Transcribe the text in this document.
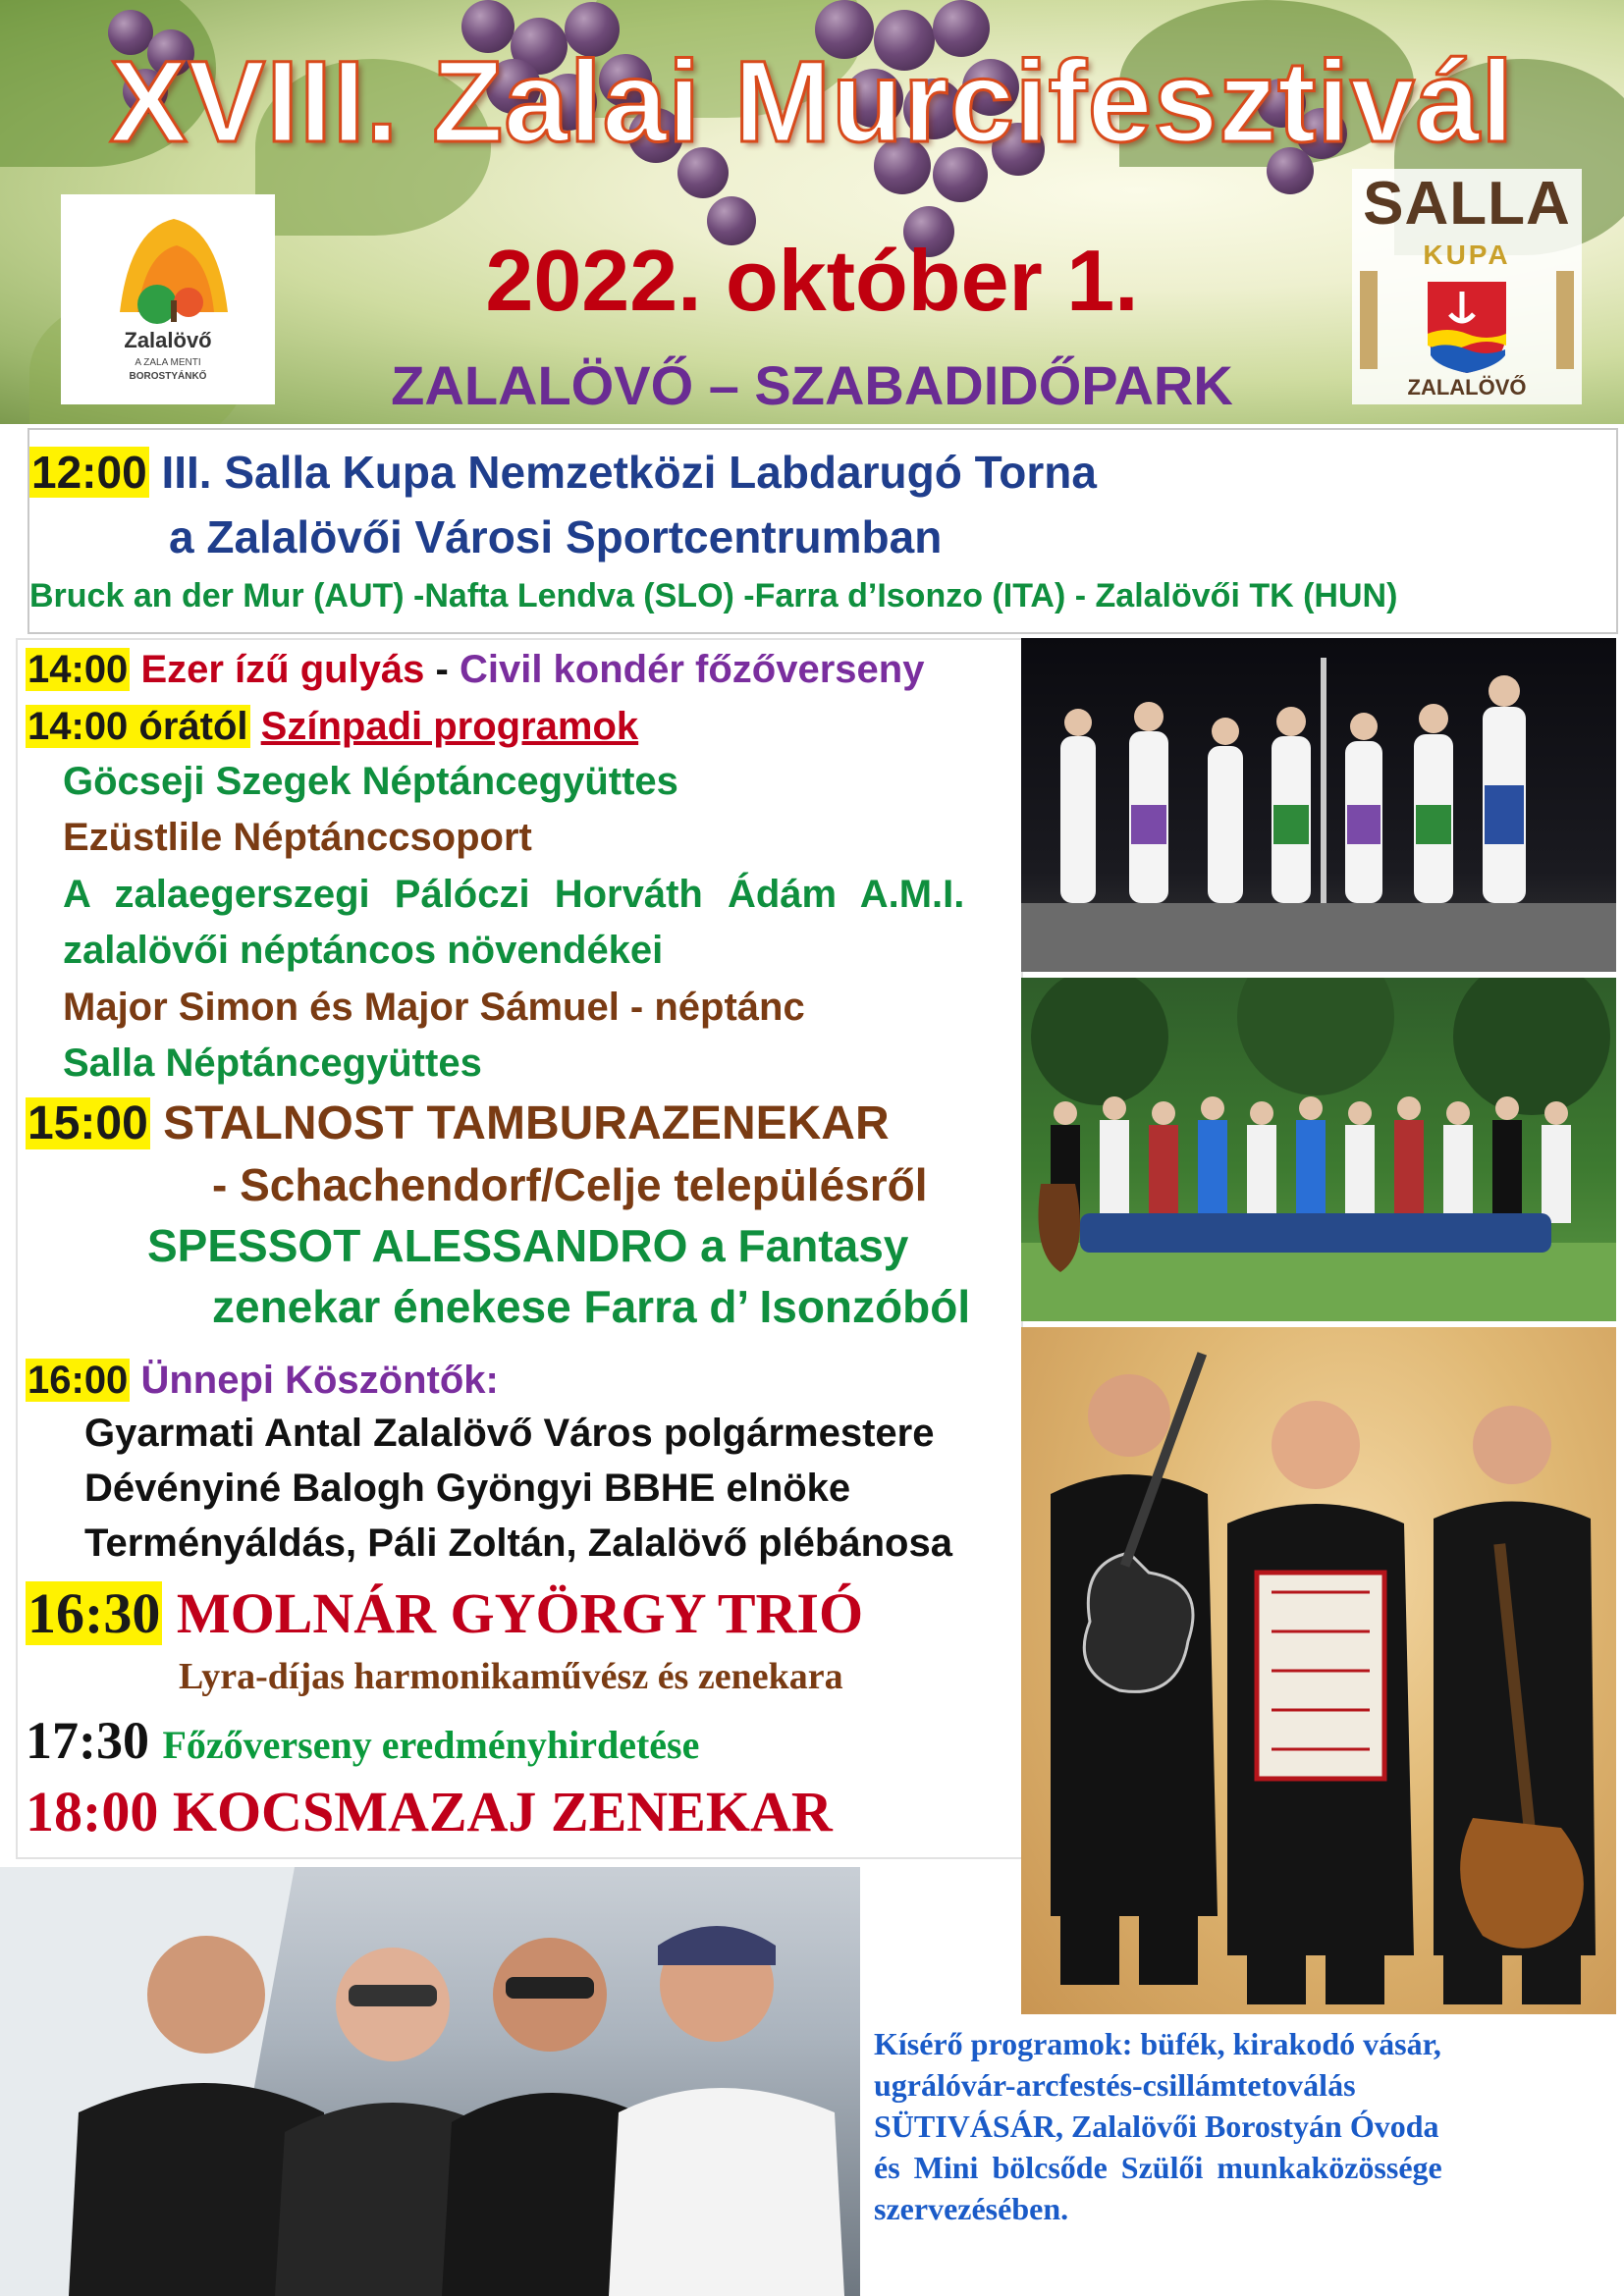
XVIII. Zalai Murcifesztivál
2022. október 1.
ZALALÖVŐ – SZABADIDŐPARK
Zalalövő
A ZALA MENTI
BOROSTYÁNKŐ
SALLA
KUPA
ZALALÖVŐ
12:00 III. Salla Kupa Nemzetközi Labdarugó Torna
a Zalalövői Városi Sportcentrumban
Bruck an der Mur (AUT) -Nafta Lendva (SLO) -Farra d’Isonzo (ITA) - Zalalövői TK (HUN)
14:00 Ezer ízű gulyás - Civil kondér főzőverseny
14:00 órától Színpadi programok
Göcseji Szegek Néptáncegyüttes
Ezüstlile Néptánccsoport
A zalaegerszegi Pálóczi Horváth Ádám A.M.I.
zalalövői néptáncos növendékei
Major Simon és Major Sámuel - néptánc
Salla Néptáncegyüttes
15:00 STALNOST TAMBURAZENEKAR
- Schachendorf/Celje településről
SPESSOT ALESSANDRO a Fantasy
zenekar énekese Farra d’ Isonzóból
16:00 Ünnepi Köszöntők:
Gyarmati Antal Zalalövő Város polgármestere
Dévényiné Balogh Gyöngyi BBHE elnöke
Terményáldás, Páli Zoltán, Zalalövő plébánosa
16:30 MOLNÁR GYÖRGY TRIÓ
Lyra-díjas harmonikaművész és zenekara
17:30 Főzőverseny eredményhirdetése
18:00 KOCSMAZAJ ZENEKAR
Kísérő programok: büfék, kirakodó vásár,
ugrálóvár-arcfestés-csillámtetoválás
SÜTIVÁSÁR, Zalalövői Borostyán Óvoda
és Mini bölcsőde Szülői munkaközössége
szervezésében.
